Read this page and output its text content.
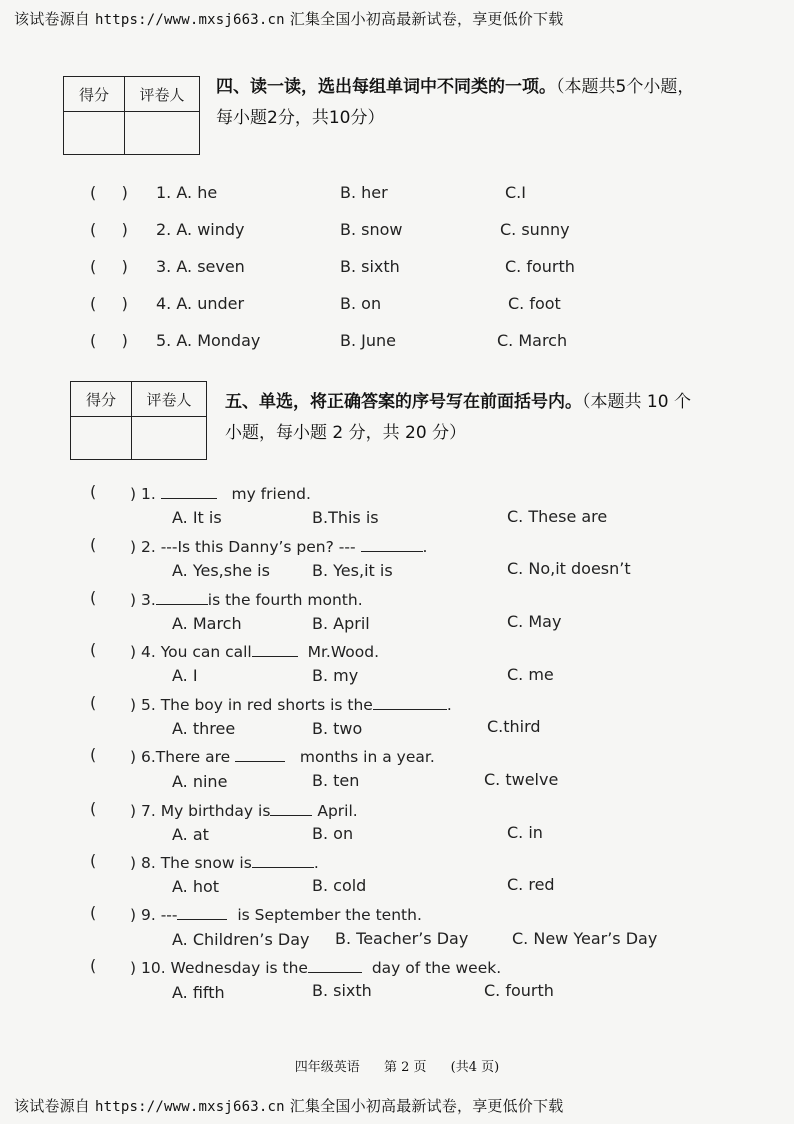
该试卷源自 https://www.mxsj663.cn 汇集全国小初高最新试卷，享更低价下载
得分	评卷人
	四、读一读，选出每组单词中不同类的一项。（本题共5个小题，
每小题2分，共10分）
(     ) 1. A. he	B. her	C.I
(     ) 2. A. windy	B. snow	C. sunny
(     ) 3. A. seven	B. sixth	C. fourth
(     ) 4. A. under	B. on	C. foot
(     ) 5. A. Monday	B. June	C. March
得分	评卷人
	五、单选，将正确答案的序号写在前面括号内。（本题共 10 个
小题，每小题 2 分，共 20 分）
( ) 1.	my friend.
A. It is	B.This is	C. These are
( ) 2. ---Is this Danny’s pen? ---	.
A. Yes,she is	B. Yes,it is	C. No,it doesn’t
( ) 3.	is the fourth month.
A. March	B. April	C. May
( ) 4. You can call	Mr.Wood.
A. I	B. my	C. me
( ) 5. The boy in red shorts is the	.
A. three	B. two	C.third
( ) 6.There are	months in a year.
A. nine	B. ten	C. twelve
( ) 7. My birthday is	April.
A. at	B. on	C. in
( ) 8. The snow is	.
A. hot	B. cold	C. red
( ) 9. ---	is September the tenth.
A. Children’s Day B. Teacher’s Day	C. New Year’s Day
( ) 10. Wednesday is the	day of the week.
A. fifth	B. sixth	C. fourth
四年级英语 第 2 页 (共4 页)
该试卷源自 https://www.mxsj663.cn 汇集全国小初高最新试卷，享更低价下载
